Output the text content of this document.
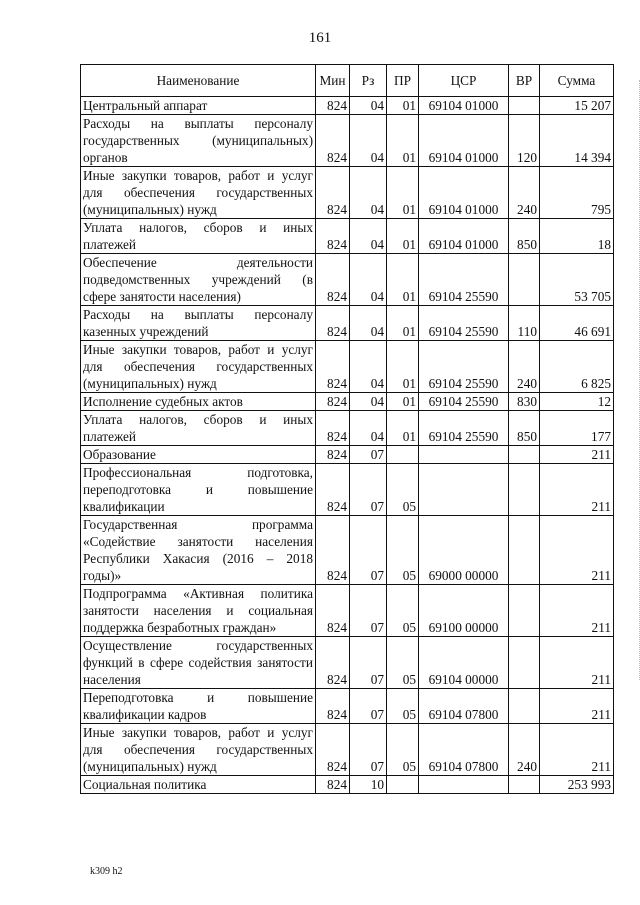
161
Наименование	Мин	Рз	ПР	ЦСР	ВР	Сумма
Центральный аппарат	824	04	01	69104 01000		15 207
Расходы на выплаты персоналу государственных (муниципальных) органов	824	04	01	69104 01000	120	14 394
Иные закупки товаров, работ и услуг для обеспечения государственных (муниципальных) нужд	824	04	01	69104 01000	240	795
Уплата налогов, сборов и иных платежей	824	04	01	69104 01000	850	18
Обеспечение деятельности подведомственных учреждений (в сфере занятости населения)	824	04	01	69104 25590		53 705
Расходы на выплаты персоналу казенных учреждений	824	04	01	69104 25590	110	46 691
Иные закупки товаров, работ и услуг для обеспечения государственных (муниципальных) нужд	824	04	01	69104 25590	240	6 825
Исполнение судебных актов	824	04	01	69104 25590	830	12
Уплата налогов, сборов и иных платежей	824	04	01	69104 25590	850	177
Образование	824	07				211
Профессиональная подготовка, переподготовка и повышение квалификации	824	07	05			211
Государственная программа «Содействие занятости населения Республики Хакасия (2016 – 2018 годы)»	824	07	05	69000 00000		211
Подпрограмма «Активная политика занятости населения и социальная поддержка безработных граждан»	824	07	05	69100 00000		211
Осуществление государственных функций в сфере содействия занятости населения	824	07	05	69104 00000		211
Переподготовка и повышение квалификации кадров	824	07	05	69104 07800		211
Иные закупки товаров, работ и услуг для обеспечения государственных (муниципальных) нужд	824	07	05	69104 07800	240	211
Социальная политика	824	10				253 993
k309 h2
